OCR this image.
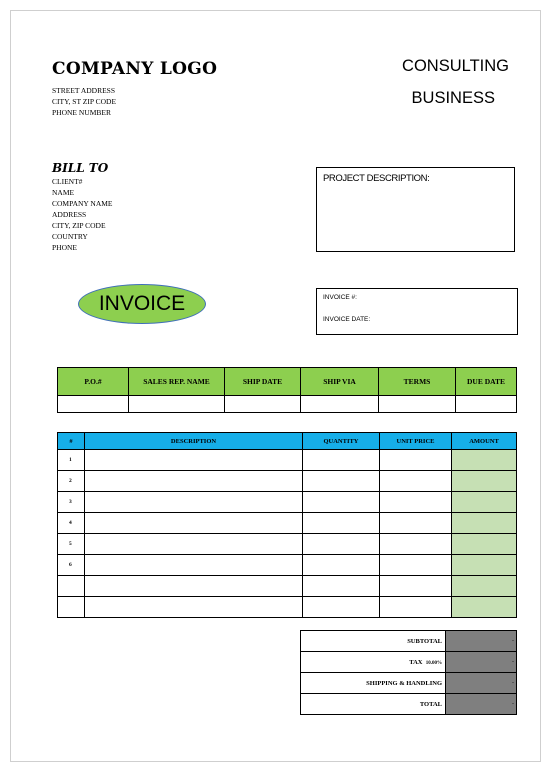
COMPANY LOGO
STREET ADDRESS
CITY, ST ZIP CODE
PHONE NUMBER
CONSULTING
BUSINESS
BILL TO
CLIENT#
NAME
COMPANY NAME
ADDRESS
CITY, ZIP CODE
COUNTRY
PHONE
PROJECT DESCRIPTION:
INVOICE	INVOICE #:
INVOICE DATE:
P.O.#	SALES REP. NAME	SHIP DATE	SHIP VIA	TERMS	DUE DATE

#	DESCRIPTION	QUANTITY	UNIT PRICE	AMOUNT
1				
2				
3				
4				
5				
6				

SUBTOTAL	-
TAX 10.00%	-
SHIPPING & HANDLING	-
TOTAL	-
